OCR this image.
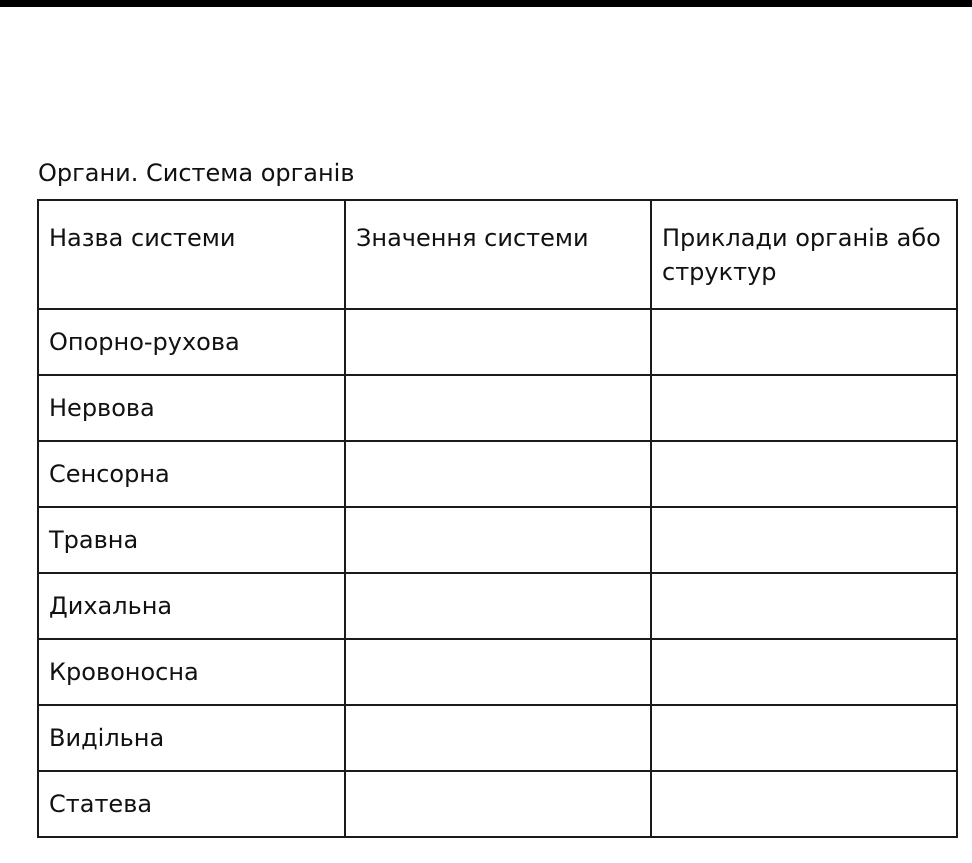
Органи. Система органів
Назва системи	Значення системи	Приклади органів або структур
Опорно-рухова		
Нервова		
Сенсорна		
Травна		
Дихальна		
Кровоносна		
Видільна		
Статева		
